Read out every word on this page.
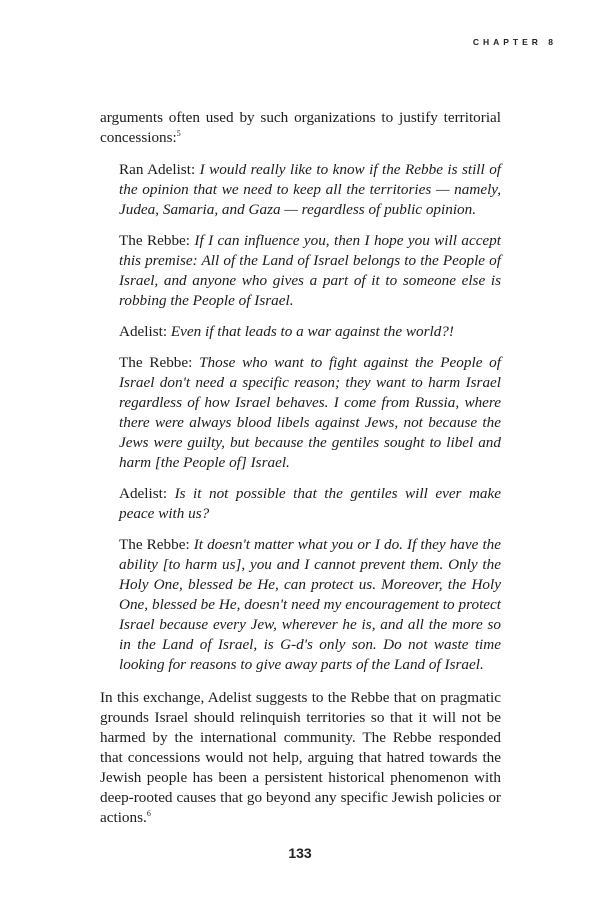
CHAPTER 8

arguments often used by such organizations to justify territorial concessions:$^5$

Ran Adelist: I would really like to know if the Rebbe is still of the opinion that we need to keep all the territories — namely, Judea, Samaria, and Gaza — regardless of public opinion.

The Rebbe: If I can influence you, then I hope you will accept this premise: All of the Land of Israel belongs to the People of Israel, and anyone who gives a part of it to someone else is robbing the People of Israel.

Adelist: Even if that leads to a war against the world?!

The Rebbe: Those who want to fight against the People of Israel don't need a specific reason; they want to harm Israel regardless of how Israel behaves. I come from Russia, where there were always blood libels against Jews, not because the Jews were guilty, but because the gentiles sought to libel and harm [the People of] Israel.

Adelist: Is it not possible that the gentiles will ever make peace with us?

The Rebbe: It doesn't matter what you or I do. If they have the ability [to harm us], you and I cannot prevent them. Only the Holy One, blessed be He, can protect us. Moreover, the Holy One, blessed be He, doesn't need my encouragement to protect Israel because every Jew, wherever he is, and all the more so in the Land of Israel, is G-d's only son. Do not waste time looking for reasons to give away parts of the Land of Israel.

In this exchange, Adelist suggests to the Rebbe that on pragmatic grounds Israel should relinquish territories so that it will not be harmed by the international community. The Rebbe responded that concessions would not help, arguing that hatred towards the Jewish people has been a persistent historical phenomenon with deep-rooted causes that go beyond any specific Jewish policies or actions.$^6$

133
